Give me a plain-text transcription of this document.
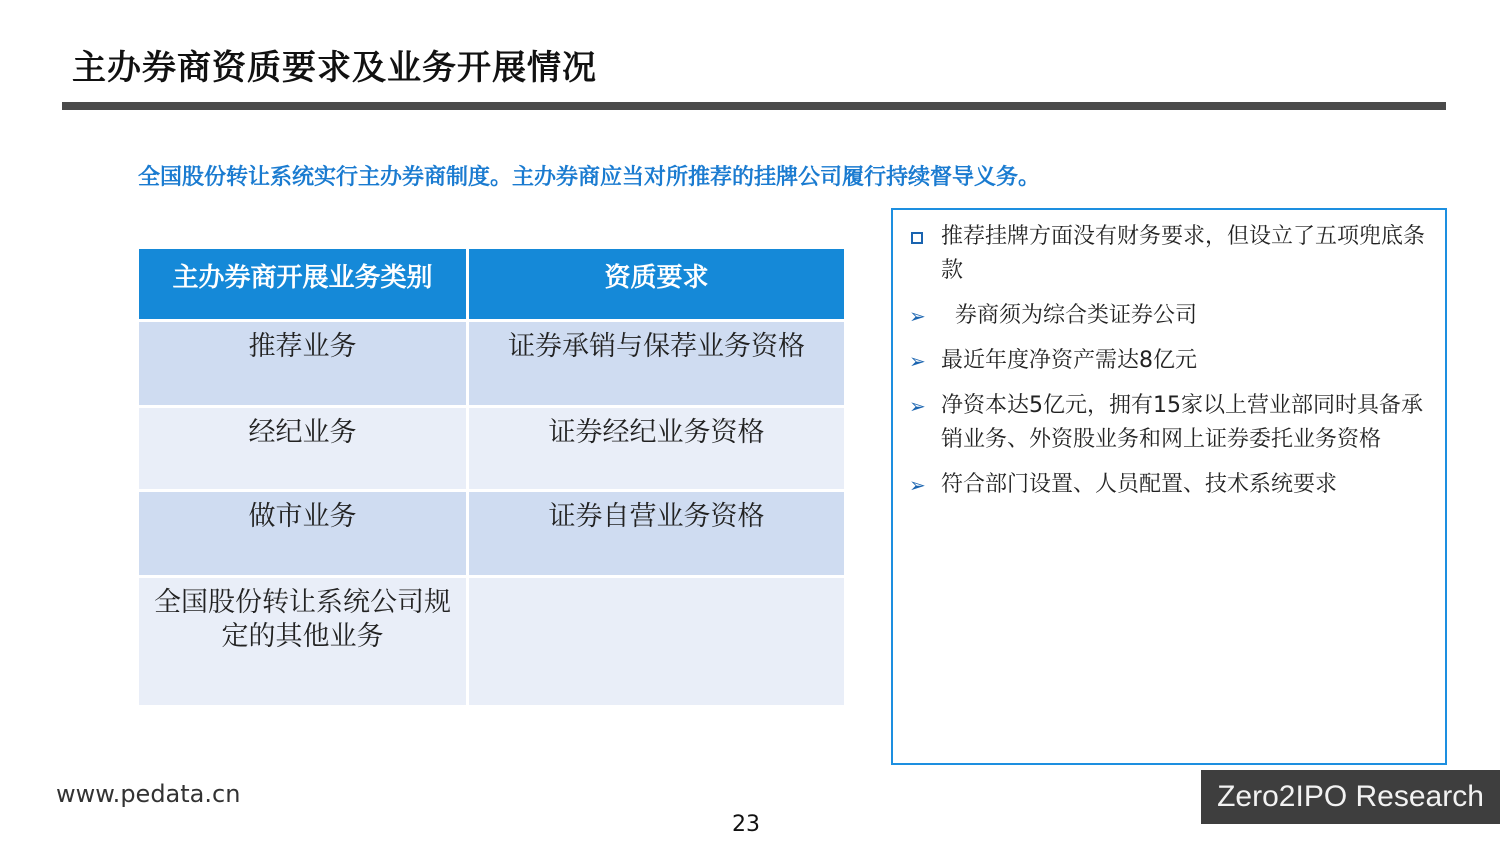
主办券商资质要求及业务开展情况
全国股份转让系统实行主办券商制度。主办券商应当对所推荐的挂牌公司履行持续督导义务。
主办券商开展业务类别	资质要求
推荐业务	证券承销与保荐业务资格
经纪业务	证券经纪业务资格
做市业务	证券自营业务资格
全国股份转让系统公司规定的其他业务	
推荐挂牌方面没有财务要求，但设立了五项兜底条款
➢ 券商须为综合类证券公司
➢ 最近年度净资产需达8亿元
➢ 净资本达5亿元，拥有15家以上营业部同时具备承销业务、外资股业务和网上证券委托业务资格
➢ 符合部门设置、人员配置、技术系统要求
www.pedata.cn
23
Zero2IPO Research
